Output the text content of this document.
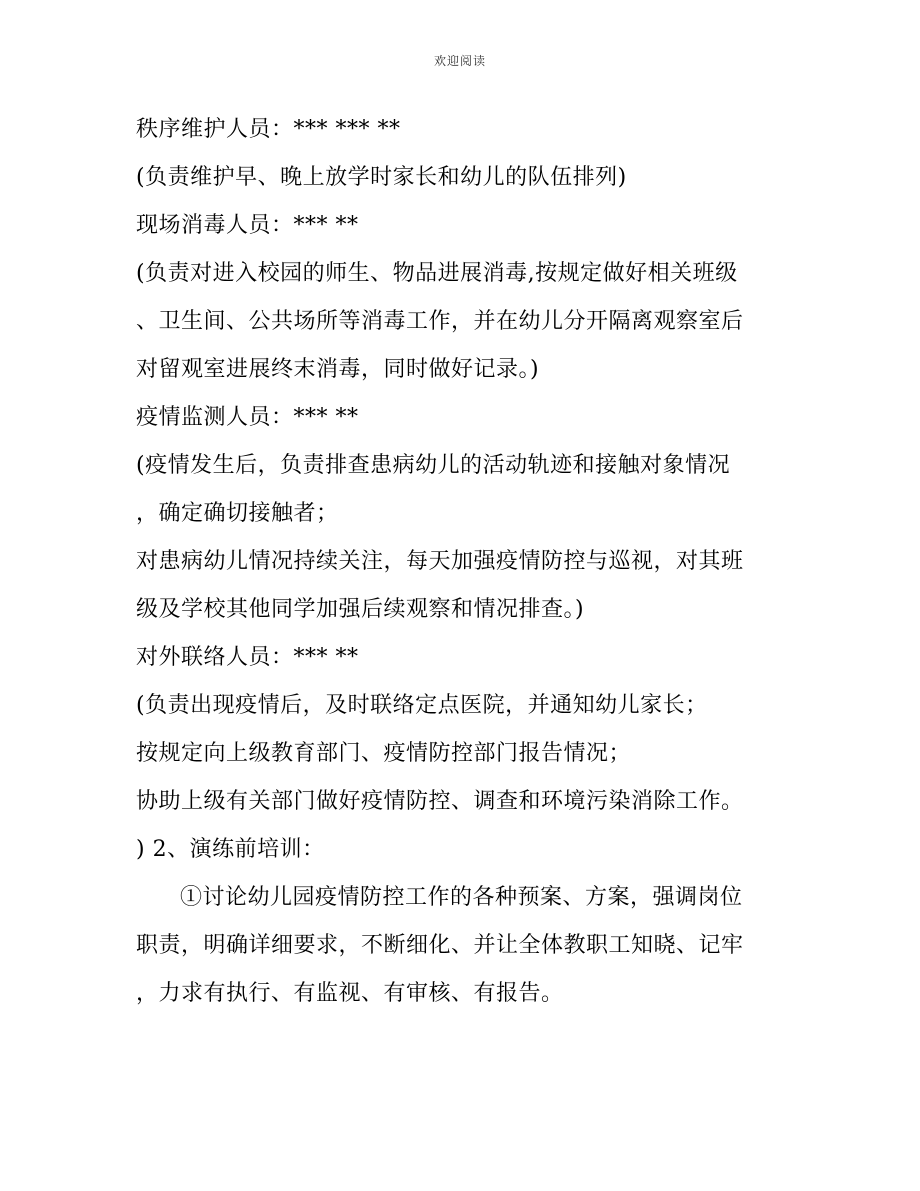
欢迎阅读
秩序维护人员：*** *** **
(负责维护早、晚上放学时家长和幼儿的队伍排列)
现场消毒人员：*** **
(负责对进入校园的师生、物品进展消毒,按规定做好相关班级
、卫生间、公共场所等消毒工作，并在幼儿分开隔离观察室后
对留观室进展终末消毒，同时做好记录。)
疫情监测人员：*** **
(疫情发生后，负责排查患病幼儿的活动轨迹和接触对象情况
，确定确切接触者；
对患病幼儿情况持续关注，每天加强疫情防控与巡视，对其班
级及学校其他同学加强后续观察和情况排查。)
对外联络人员：*** **
(负责出现疫情后，及时联络定点医院，并通知幼儿家长；
按规定向上级教育部门、疫情防控部门报告情况；
协助上级有关部门做好疫情防控、调查和环境污染消除工作。
) 2、演练前培训：
①讨论幼儿园疫情防控工作的各种预案、方案，强调岗位
职责，明确详细要求，不断细化、并让全体教职工知晓、记牢
，力求有执行、有监视、有审核、有报告。
